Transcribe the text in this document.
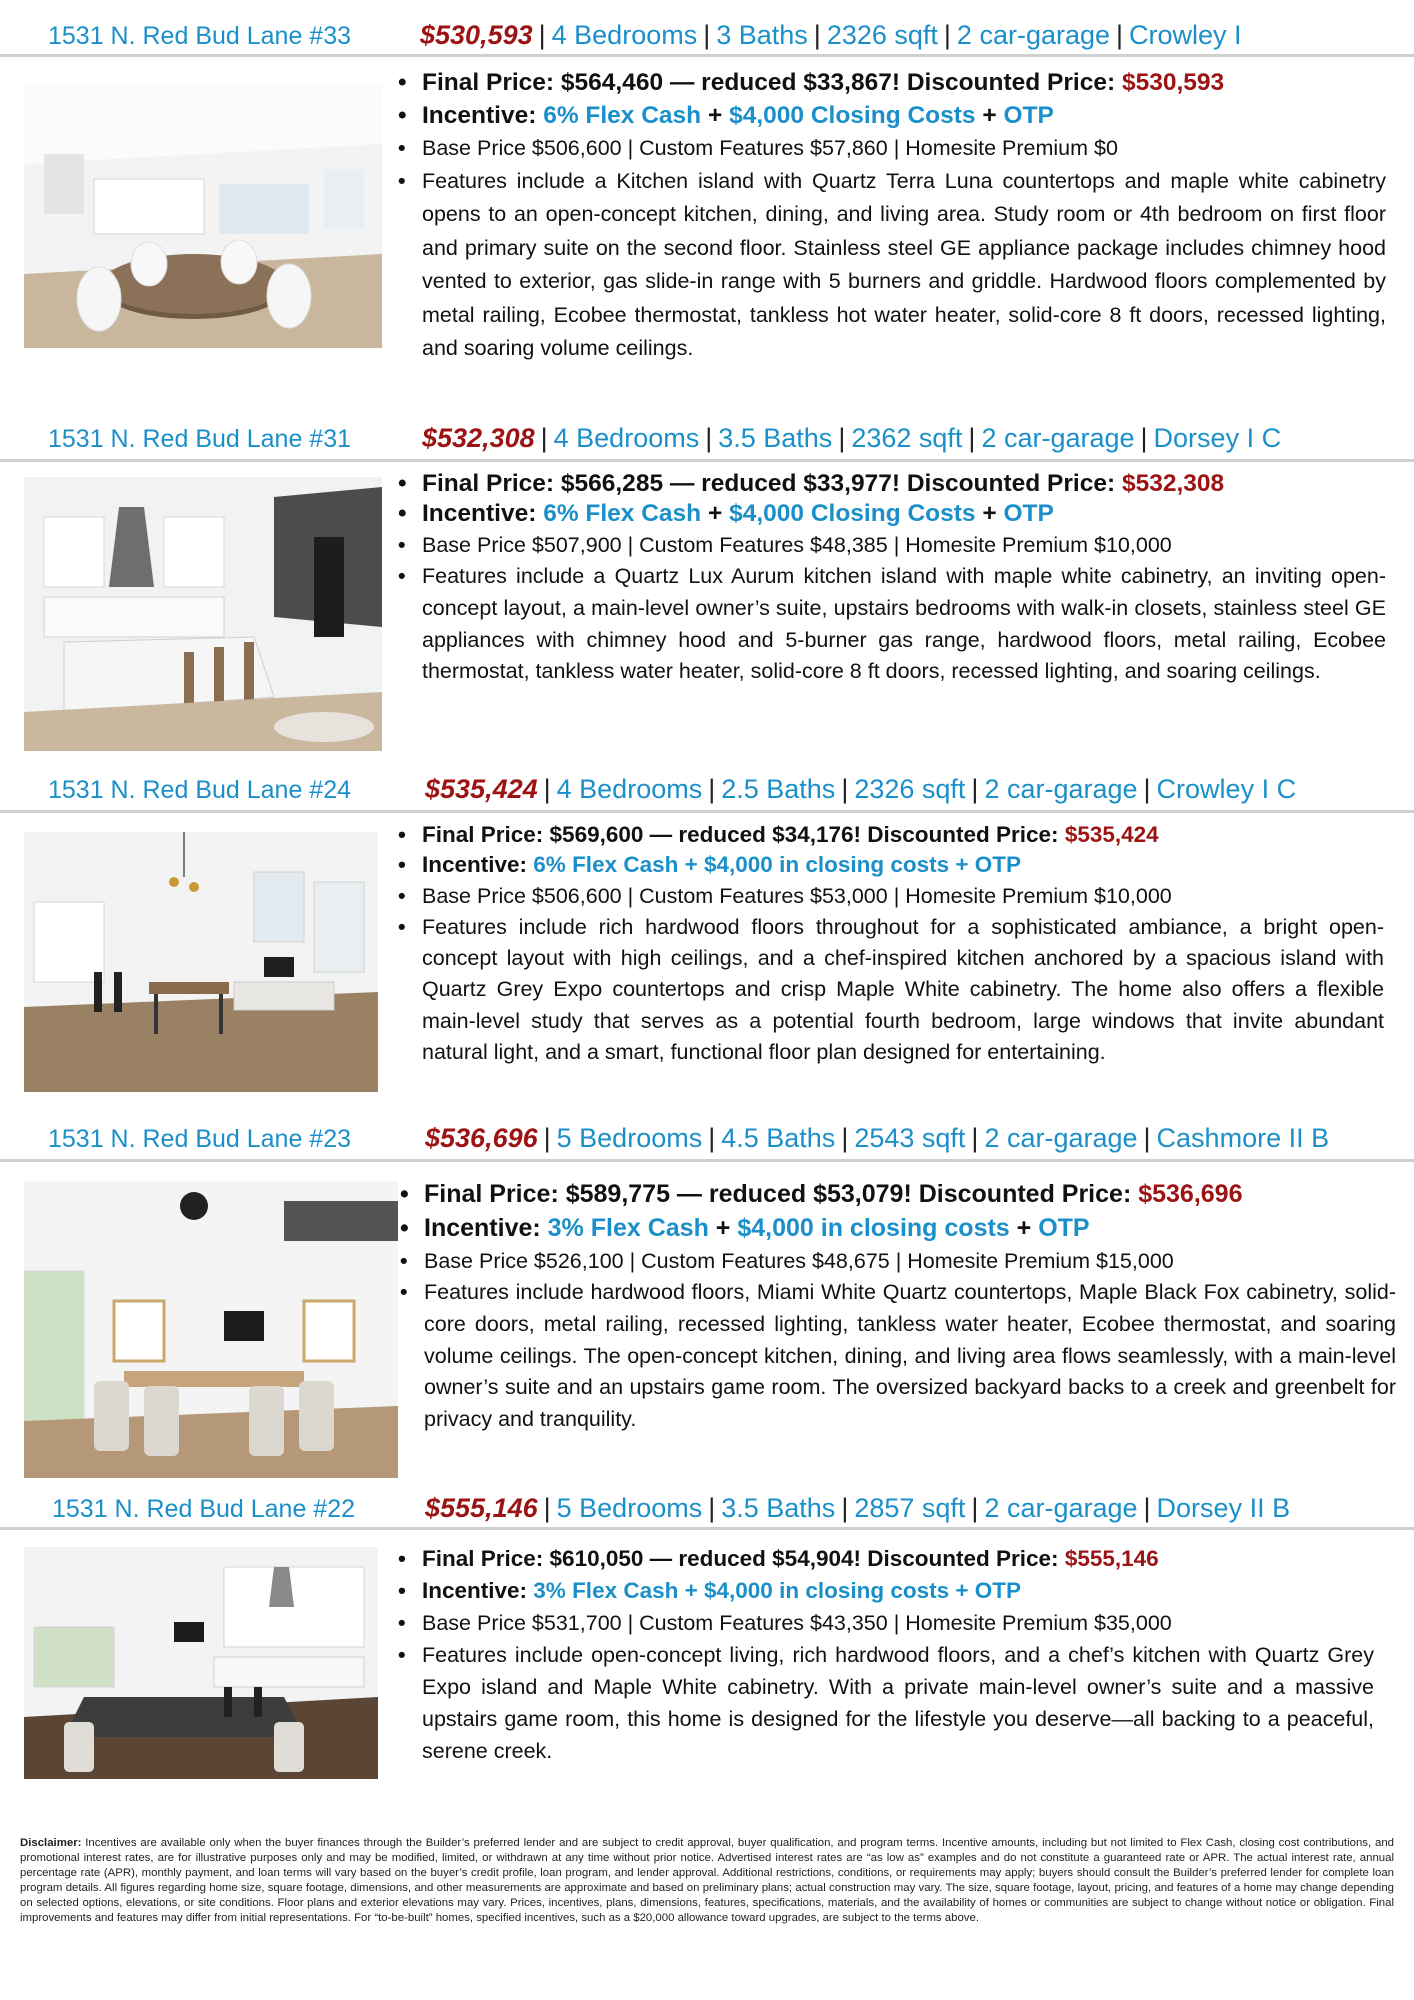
1531 N. Red Bud Lane #33	$530,593 | 4 Bedrooms | 3 Baths | 2326 sqft | 2 car-garage | Crowley I
• Final Price: $564,460 — reduced $33,867! Discounted Price: $530,593
• Incentive: 6% Flex Cash + $4,000 Closing Costs + OTP
• Base Price $506,600 | Custom Features $57,860 | Homesite Premium $0
• Features include a Kitchen island with Quartz Terra Luna countertops and maple white cabinetry opens to an open-concept kitchen, dining, and living area. Study room or 4th bedroom on first floor and primary suite on the second floor. Stainless steel GE appliance package includes chimney hood vented to exterior, gas slide-in range with 5 burners and griddle. Hardwood floors complemented by metal railing, Ecobee thermostat, tankless hot water heater, solid-core 8 ft doors, recessed lighting, and soaring volume ceilings.
1531 N. Red Bud Lane #31	$532,308 | 4 Bedrooms | 3.5 Baths | 2362 sqft | 2 car-garage | Dorsey I C
• Final Price: $566,285 — reduced $33,977! Discounted Price: $532,308
• Incentive: 6% Flex Cash + $4,000 Closing Costs + OTP
• Base Price $507,900 | Custom Features $48,385 | Homesite Premium $10,000
• Features include a Quartz Lux Aurum kitchen island with maple white cabinetry, an inviting open-concept layout, a main-level owner’s suite, upstairs bedrooms with walk-in closets, stainless steel GE appliances with chimney hood and 5-burner gas range, hardwood floors, metal railing, Ecobee thermostat, tankless water heater, solid-core 8 ft doors, recessed lighting, and soaring ceilings.
1531 N. Red Bud Lane #24	$535,424 | 4 Bedrooms | 2.5 Baths | 2326 sqft | 2 car-garage | Crowley I C
• Final Price: $569,600 — reduced $34,176! Discounted Price: $535,424
• Incentive: 6% Flex Cash + $4,000 in closing costs + OTP
• Base Price $506,600 | Custom Features $53,000 | Homesite Premium $10,000
• Features include rich hardwood floors throughout for a sophisticated ambiance, a bright open-concept layout with high ceilings, and a chef-inspired kitchen anchored by a spacious island with Quartz Grey Expo countertops and crisp Maple White cabinetry. The home also offers a flexible main-level study that serves as a potential fourth bedroom, large windows that invite abundant natural light, and a smart, functional floor plan designed for entertaining.
1531 N. Red Bud Lane #23	$536,696 | 5 Bedrooms | 4.5 Baths | 2543 sqft | 2 car-garage | Cashmore II B
• Final Price: $589,775 — reduced $53,079! Discounted Price: $536,696
• Incentive: 3% Flex Cash + $4,000 in closing costs + OTP
• Base Price $526,100 | Custom Features $48,675 | Homesite Premium $15,000
• Features include hardwood floors, Miami White Quartz countertops, Maple Black Fox cabinetry, solid-core doors, metal railing, recessed lighting, tankless water heater, Ecobee thermostat, and soaring volume ceilings. The open-concept kitchen, dining, and living area flows seamlessly, with a main-level owner’s suite and an upstairs game room. The oversized backyard backs to a creek and greenbelt for privacy and tranquility.
1531 N. Red Bud Lane #22	$555,146 | 5 Bedrooms | 3.5 Baths | 2857 sqft | 2 car-garage | Dorsey II B
• Final Price: $610,050 — reduced $54,904! Discounted Price: $555,146
• Incentive: 3% Flex Cash + $4,000 in closing costs + OTP
• Base Price $531,700 | Custom Features $43,350 | Homesite Premium $35,000
• Features include open-concept living, rich hardwood floors, and a chef’s kitchen with Quartz Grey Expo island and Maple White cabinetry. With a private main-level owner’s suite and a massive upstairs game room, this home is designed for the lifestyle you deserve—all backing to a peaceful, serene creek.
Disclaimer: Incentives are available only when the buyer finances through the Builder’s preferred lender and are subject to credit approval, buyer qualification, and program terms. Incentive amounts, including but not limited to Flex Cash, closing cost contributions, and promotional interest rates, are for illustrative purposes only and may be modified, limited, or withdrawn at any time without prior notice. Advertised interest rates are “as low as” examples and do not constitute a guaranteed rate or APR. The actual interest rate, annual percentage rate (APR), monthly payment, and loan terms will vary based on the buyer’s credit profile, loan program, and lender approval. Additional restrictions, conditions, or requirements may apply; buyers should consult the Builder’s preferred lender for complete loan program details. All figures regarding home size, square footage, dimensions, and other measurements are approximate and based on preliminary plans; actual construction may vary. The size, square footage, layout, pricing, and features of a home may change depending on selected options, elevations, or site conditions. Floor plans and exterior elevations may vary. Prices, incentives, plans, dimensions, features, specifications, materials, and the availability of homes or communities are subject to change without notice or obligation. Final improvements and features may differ from initial representations. For “to-be-built” homes, specified incentives, such as a $20,000 allowance toward upgrades, are subject to the terms above.
